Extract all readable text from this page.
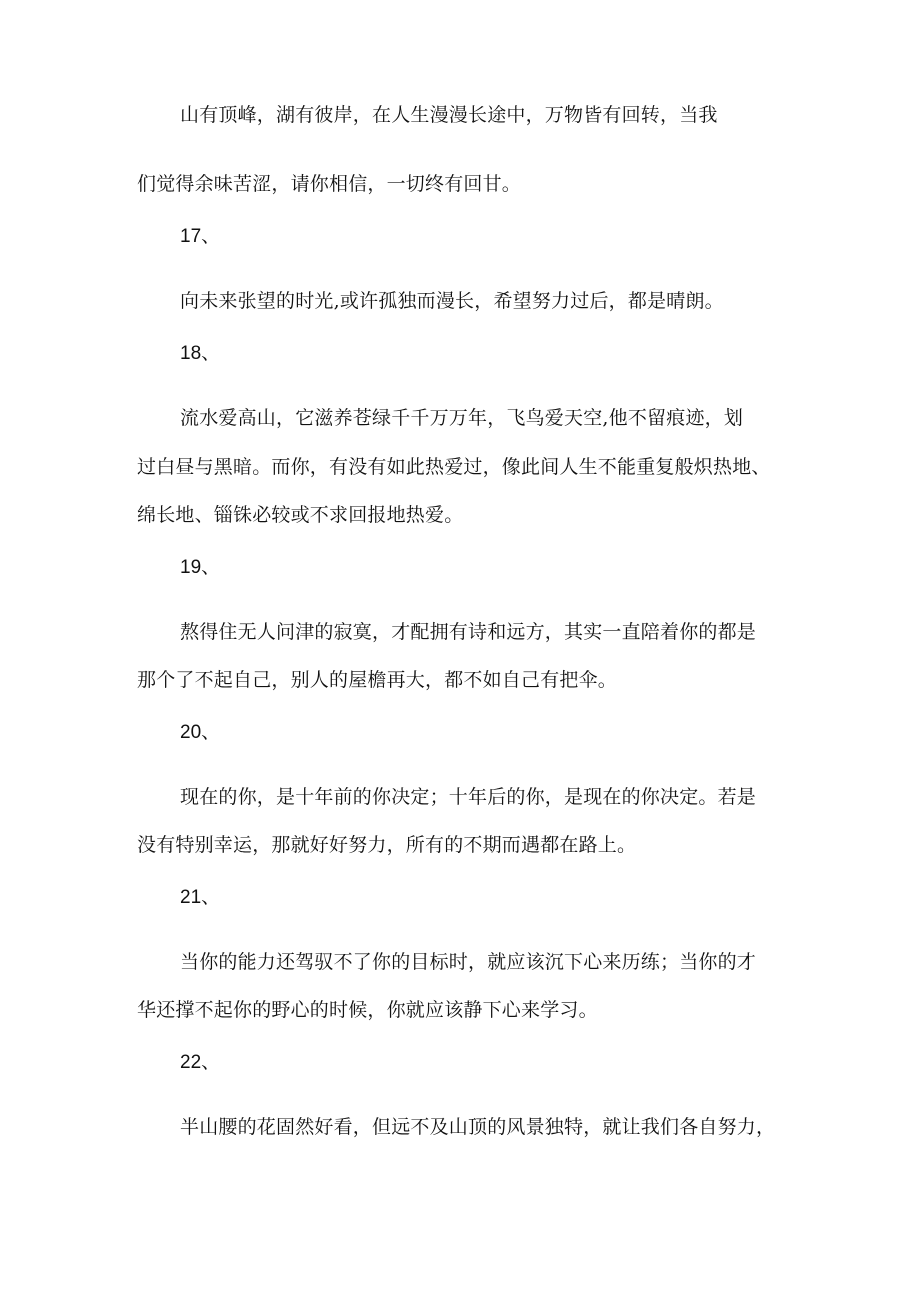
山有顶峰，湖有彼岸，在人生漫漫长途中，万物皆有回转，当我
们觉得余味苦涩，请你相信，一切终有回甘。
17、
向未来张望的时光,或许孤独而漫长，希望努力过后，都是晴朗。
18、
流水爱高山，它滋养苍绿千千万万年，飞鸟爱天空,他不留痕迹，划
过白昼与黑暗。而你，有没有如此热爱过，像此间人生不能重复般炽热地、
绵长地、锱铢必较或不求回报地热爱。
19、
熬得住无人问津的寂寞，才配拥有诗和远方，其实一直陪着你的都是
那个了不起自己，别人的屋檐再大，都不如自己有把伞。
20、
现在的你，是十年前的你决定；十年后的你，是现在的你决定。若是
没有特别幸运，那就好好努力，所有的不期而遇都在路上。
21、
当你的能力还驾驭不了你的目标时，就应该沉下心来历练；当你的才
华还撑不起你的野心的时候，你就应该静下心来学习。
22、
半山腰的花固然好看，但远不及山顶的风景独特，就让我们各自努力，
